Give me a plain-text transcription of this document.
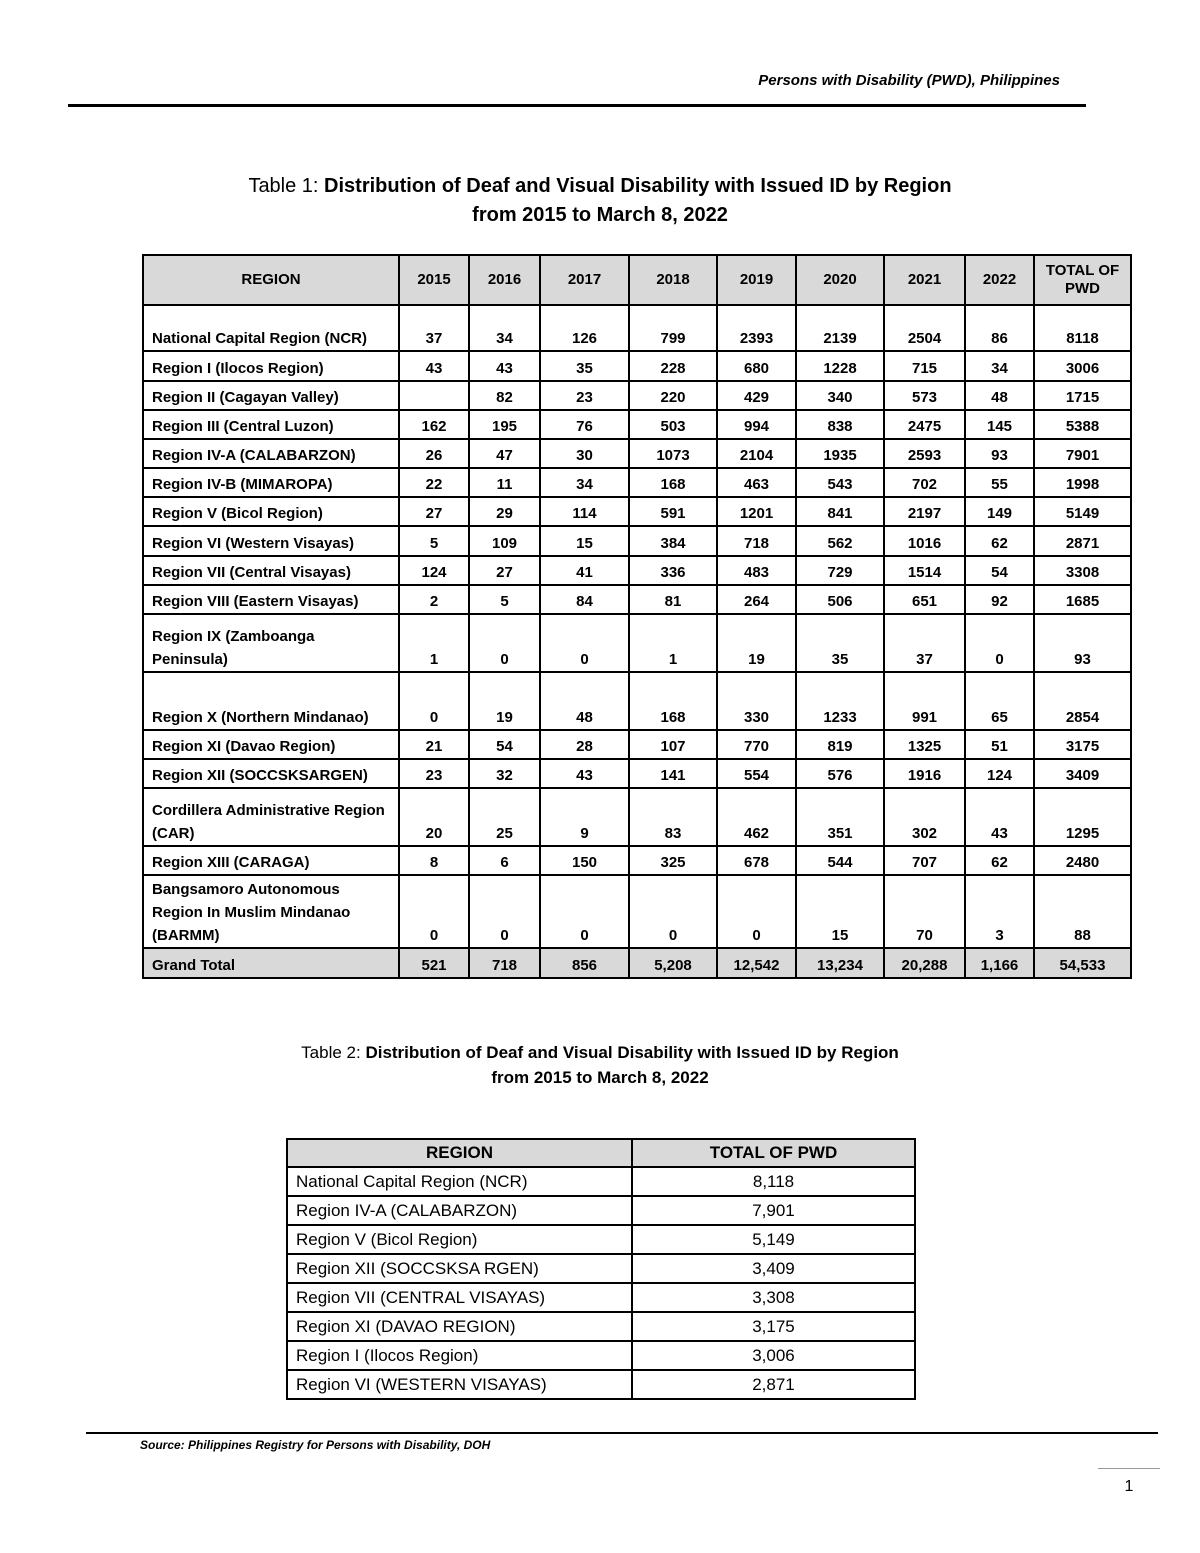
Persons with Disability (PWD), Philippines
Table 1: Distribution of Deaf and Visual Disability with Issued ID by Region
from 2015 to March 8, 2022
REGION	2015	2016	2017	2018	2019	2020	2021	2022	TOTAL OF PWD
National Capital Region (NCR)	37	34	126	799	2393	2139	2504	86	8118
Region I (Ilocos Region)	43	43	35	228	680	1228	715	34	3006
Region II (Cagayan Valley)		82	23	220	429	340	573	48	1715
Region III (Central Luzon)	162	195	76	503	994	838	2475	145	5388
Region IV-A (CALABARZON)	26	47	30	1073	2104	1935	2593	93	7901
Region IV-B (MIMAROPA)	22	11	34	168	463	543	702	55	1998
Region V (Bicol Region)	27	29	114	591	1201	841	2197	149	5149
Region VI (Western Visayas)	5	109	15	384	718	562	1016	62	2871
Region VII (Central Visayas)	124	27	41	336	483	729	1514	54	3308
Region VIII (Eastern Visayas)	2	5	84	81	264	506	651	92	1685
Region IX (Zamboanga Peninsula)	1	0	0	1	19	35	37	0	93
Region X (Northern Mindanao)	0	19	48	168	330	1233	991	65	2854
Region XI (Davao Region)	21	54	28	107	770	819	1325	51	3175
Region XII (SOCCSKSARGEN)	23	32	43	141	554	576	1916	124	3409
Cordillera Administrative Region (CAR)	20	25	9	83	462	351	302	43	1295
Region XIII (CARAGA)	8	6	150	325	678	544	707	62	2480
Bangsamoro Autonomous Region In Muslim Mindanao (BARMM)	0	0	0	0	0	15	70	3	88
Grand Total	521	718	856	5,208	12,542	13,234	20,288	1,166	54,533
Table 2: Distribution of Deaf and Visual Disability with Issued ID by Region
from 2015 to March 8, 2022
REGION	TOTAL OF PWD
National Capital Region (NCR)	8,118
Region IV-A (CALABARZON)	7,901
Region V (Bicol Region)	5,149
Region XII (SOCCSKSA RGEN)	3,409
Region VII (CENTRAL VISAYAS)	3,308
Region XI (DAVAO REGION)	3,175
Region I (Ilocos Region)	3,006
Region VI (WESTERN VISAYAS)	2,871
Source: Philippines Registry for Persons with Disability, DOH
1
